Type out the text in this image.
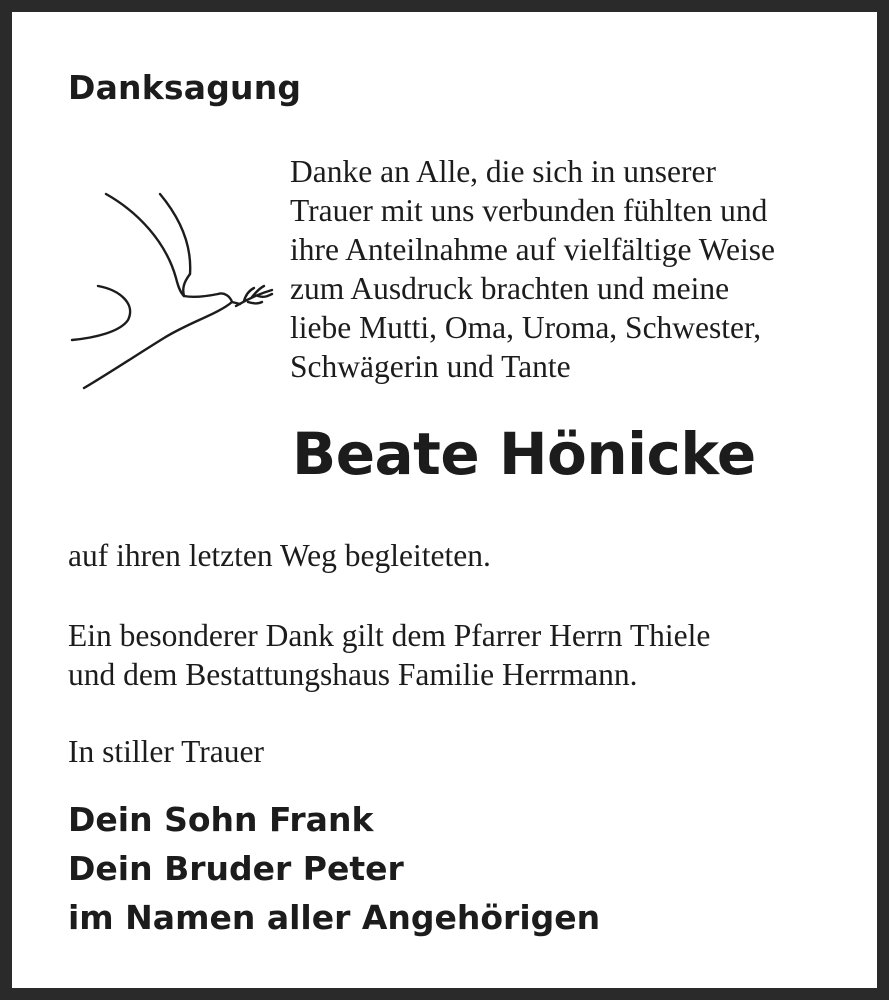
Danksagung
Danke an Alle, die sich in unserer
Trauer mit uns verbunden fühlten und
ihre Anteilnahme auf vielfältige Weise
zum Ausdruck brachten und meine
liebe Mutti, Oma, Uroma, Schwester,
Schwägerin und Tante
Beate Hönicke
auf ihren letzten Weg begleiteten.
Ein besonderer Dank gilt dem Pfarrer Herrn Thiele
und dem Bestattungshaus Familie Herrmann.
In stiller Trauer
Dein Sohn Frank
Dein Bruder Peter
im Namen aller Angehörigen
